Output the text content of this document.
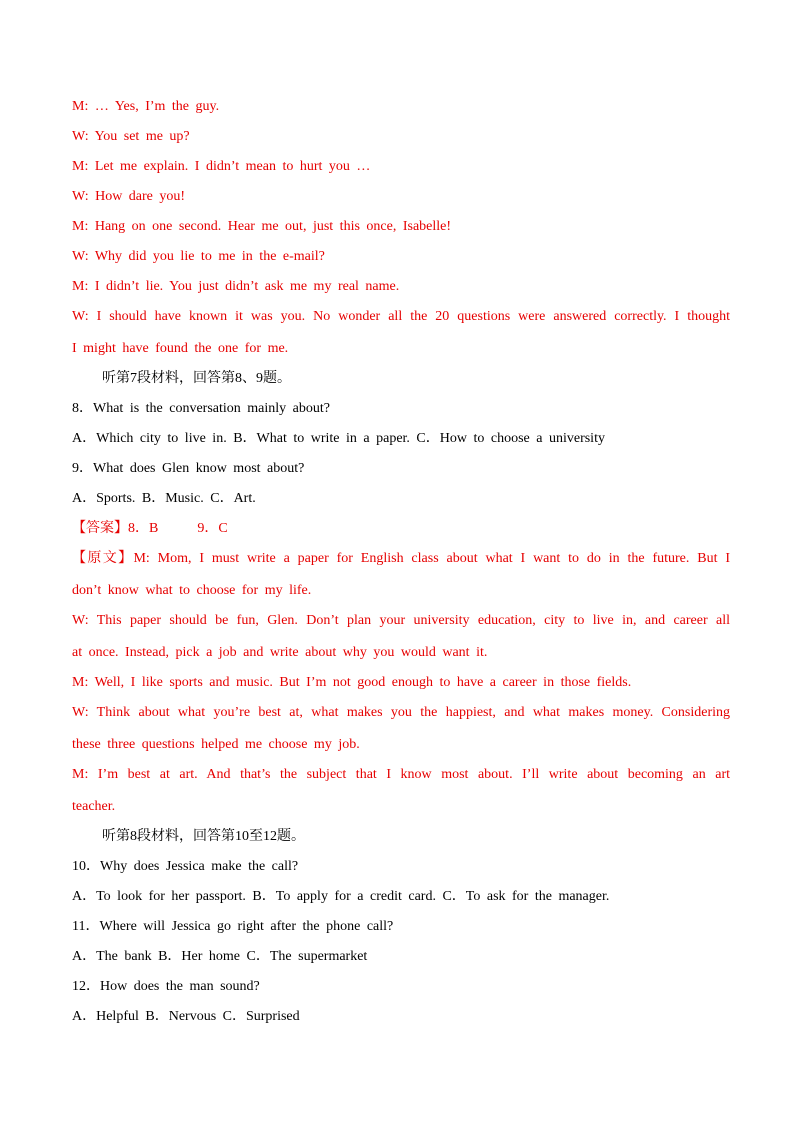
M: … Yes, I’m the guy.
W: You set me up?
M: Let me explain. I didn’t mean to hurt you …
W: How dare you!
M: Hang on one second. Hear me out, just this once, Isabelle!
W: Why did you lie to me in the e-mail?
M: I didn’t lie. You just didn’t ask me my real name.
W: I should have known it was you. No wonder all the 20 questions were answered correctly. I thought
I might have found the one for me.
听第7段材料，回答第8、9题。
8．What is the conversation mainly about?
A．Which city to live in. B．What to write in a paper. C．How to choose a university
9．What does Glen know most about?
A．Sports. B．Music. C．Art.
【答案】8．B      9．C
【原文】M: Mom, I must write a paper for English class about what I want to do in the future. But I
don’t know what to choose for my life.
W: This paper should be fun, Glen. Don’t plan your university education, city to live in, and career all
at once. Instead, pick a job and write about why you would want it.
M: Well, I like sports and music. But I’m not good enough to have a career in those fields.
W: Think about what you’re best at, what makes you the happiest, and what makes money. Considering
these three questions helped me choose my job.
M: I’m best at art. And that’s the subject that I know most about. I’ll write about becoming an art
teacher.
听第8段材料，回答第10至12题。
10．Why does Jessica make the call?
A．To look for her passport. B．To apply for a credit card. C．To ask for the manager.
11．Where will Jessica go right after the phone call?
A．The bank B．Her home C．The supermarket
12．How does the man sound?
A．Helpful B．Nervous C．Surprised
